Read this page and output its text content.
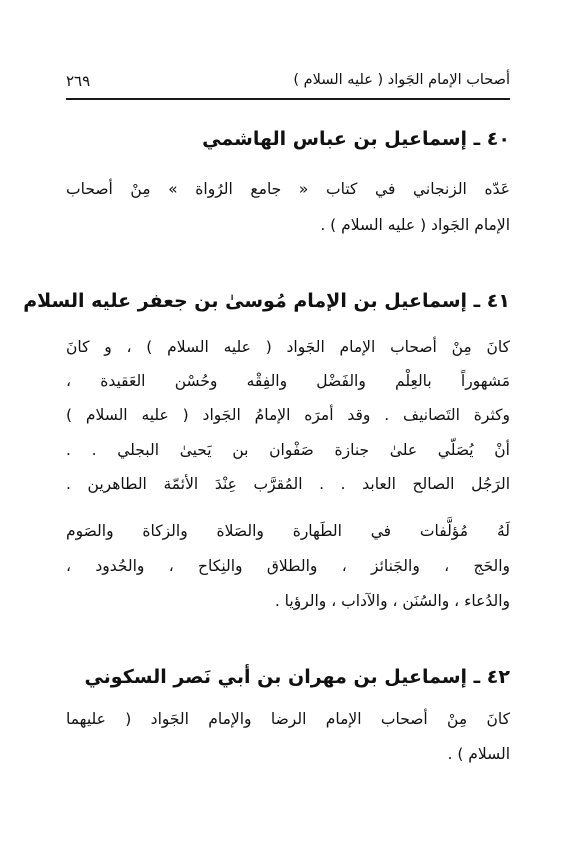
أصحاب الإمام الجَواد ( عليه السلام )
٢٦٩
٤٠ ـ إسماعيل بن عباس الهاشمي
عَدّه الزنجاني في كتاب « جامع الرُواة » مِنْ أصحاب
الإمام الجَواد ( عليه السلام ) .
٤١ ـ إسماعيل بن الإمام مُوسىٰ بن جعفر عليه السلام
كانَ مِنْ أصحاب الإمام الجَواد ( عليه السلام ) ، و كانَ
مَشهوراً بالعِلْم والفَضْل والفِقْه وحُسْن العَقيدة ،
وكثرة التَصانيف . وقد أمرَه الإمامُ الجَواد ( عليه السلام )
أنْ يُصَلّي علىٰ جنازة صَفْوان بن يَحيىٰ البجلي . .
الرَجُل الصالح العابد . . المُقرَّب عِنْدَ الأئمّة الطاهرين .
لَهُ مُؤلَّفات في الطَهارة والصَلاة والزكاة والصَوم
والحَج ، والجَنائز ، والطلاق والنِكاح ، والحُدود ،
والدُعاء ، والسُنَن ، والآداب ، والرؤيا .
٤٢ ـ إسماعيل بن مهران بن أبي نَصر السكوني
كانَ مِنْ أصحاب الإمام الرضا والإمام الجَواد ( عليهما
السلام ) .
